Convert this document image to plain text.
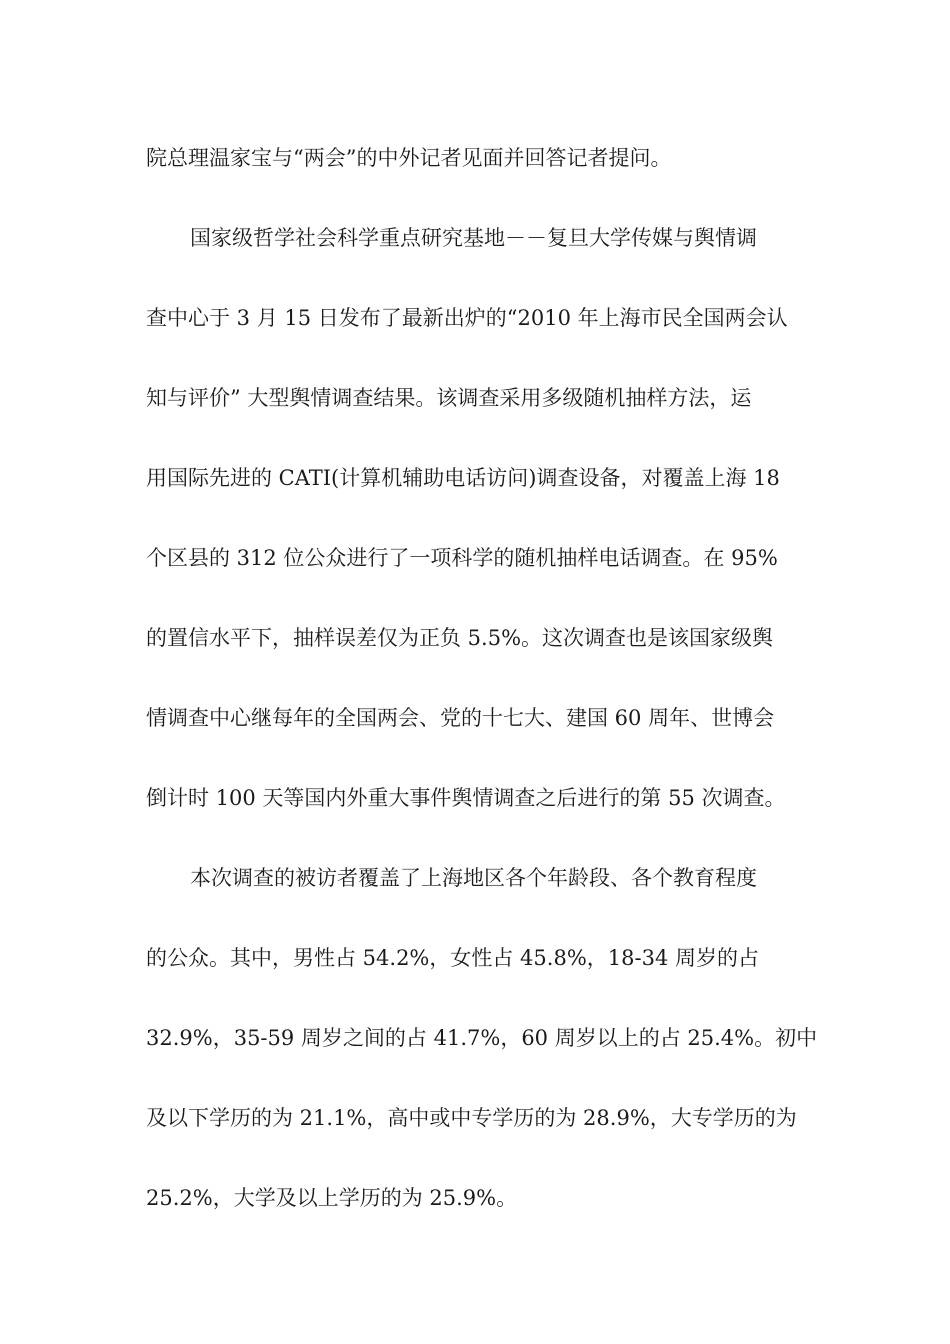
院总理温家宝与“两会”的中外记者见面并回答记者提问。
国家级哲学社会科学重点研究基地－－复旦大学传媒与舆情调
查中心于 3 月 15 日发布了最新出炉的“2010 年上海市民全国两会认
知与评价” 大型舆情调查结果。该调查采用多级随机抽样方法，运
用国际先进的 CATI(计算机辅助电话访问)调查设备，对覆盖上海 18
个区县的 312 位公众进行了一项科学的随机抽样电话调查。在 95%
的置信水平下，抽样误差仅为正负 5.5%。这次调查也是该国家级舆
情调查中心继每年的全国两会、党的十七大、建国 60 周年、世博会
倒计时 100 天等国内外重大事件舆情调查之后进行的第 55 次调查。
本次调查的被访者覆盖了上海地区各个年龄段、各个教育程度
的公众。其中，男性占 54.2%，女性占 45.8%，18-34 周岁的占
32.9%，35-59 周岁之间的占 41.7%，60 周岁以上的占 25.4%。初中
及以下学历的为 21.1%，高中或中专学历的为 28.9%，大专学历的为
25.2%，大学及以上学历的为 25.9%。
